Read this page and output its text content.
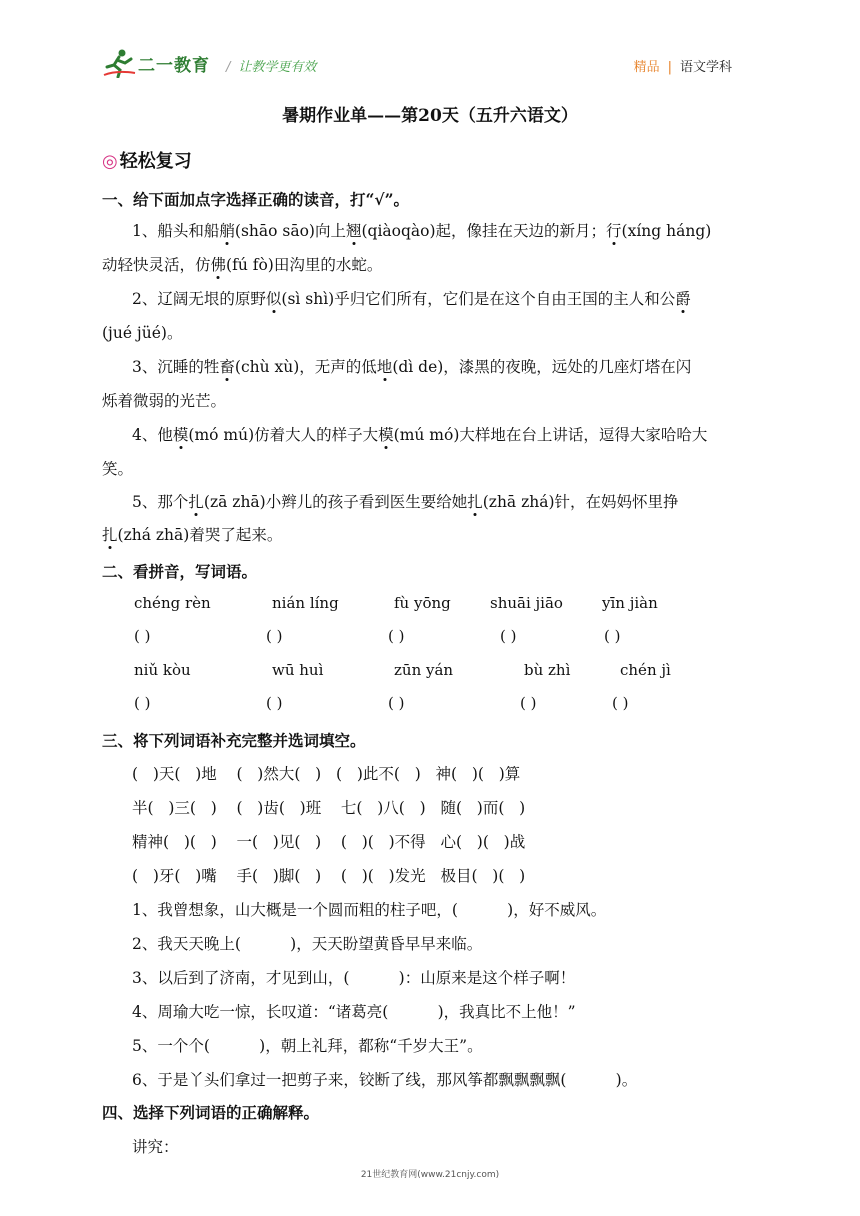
二一教育 / 让教学更有效	精品 | 语文学科
暑期作业单——第20天（五升六语文）
◎ 轻松复习
一、给下面加点字选择正确的读音，打“√”。
1、船头和船艄(shāo sāo)向上翘(qiàoqào)起，像挂在天边的新月；行(xíng háng)
动轻快灵活，仿佛(fú fò)田沟里的水蛇。
2、辽阔无垠的原野似(sì shì)乎归它们所有，它们是在这个自由王国的主人和公爵
(jué jüé)。
3、沉睡的牲畜(chù xù)，无声的低地(dì de)，漆黑的夜晚，远处的几座灯塔在闪
烁着微弱的光芒。
4、他模(mó mú)仿着大人的样子大模(mú mó)大样地在台上讲话，逗得大家哈哈大
笑。
5、那个扎(zā zhā)小辫儿的孩子看到医生要给她扎(zhā zhá)针，在妈妈怀里挣
扎(zhá zhā)着哭了起来。
二、看拼音，写词语。
chéng rèn	nián líng	fù yōng	shuāi jiāo	yīn jiàn
( )	( )	( )	( )	( )
niǔ kòu	wū huì	zūn yán	bù zhì	chén jì
( )	( )	( )	( )	( )
三、将下列词语补充完整并选词填空。
(   )天(   )地    (   )然大(   )   (   )此不(   )   神(   )(   )算
半(   )三(   )    (   )齿(   )班    七(   )八(   )   随(   )而(   )
精神(   )(   )    一(   )见(   )    (   )(   )不得   心(   )(   )战
(   )牙(   )嘴    手(   )脚(   )    (   )(   )发光   极目(   )(   )
1、我曾想象，山大概是一个圆而粗的柱子吧，(          )，好不威风。
2、我天天晚上(          )，天天盼望黄昏早早来临。
3、以后到了济南，才见到山，(          )：山原来是这个样子啊！
4、周瑜大吃一惊，长叹道：“诸葛亮(          )，我真比不上他！”
5、一个个(          )，朝上礼拜，都称“千岁大王”。
6、于是丫头们拿过一把剪子来，铰断了线，那风筝都飘飘飘飘(          )。
四、选择下列词语的正确解释。
讲究：
21世纪教育网(www.21cnjy.com)
